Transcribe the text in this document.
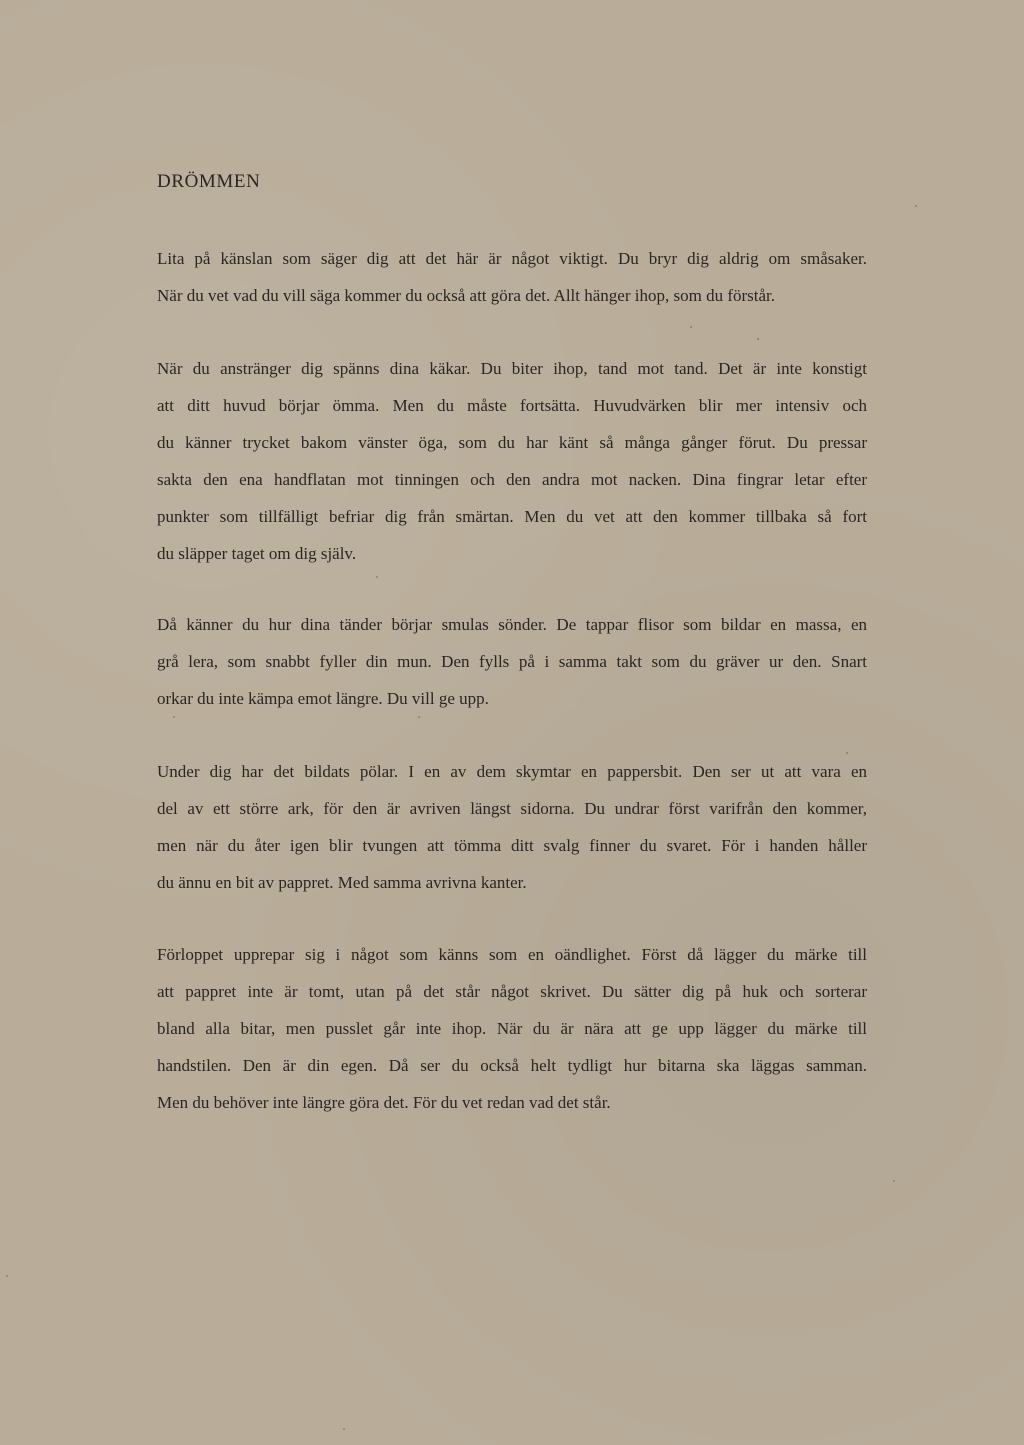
DRÖMMEN
Lita på känslan som säger dig att det här är något viktigt. Du bryr dig aldrig om småsaker.
När du vet vad du vill säga kommer du också att göra det. Allt hänger ihop, som du förstår.
När du anstränger dig spänns dina käkar. Du biter ihop, tand mot tand. Det är inte konstigt
att ditt huvud börjar ömma. Men du måste fortsätta. Huvudvärken blir mer intensiv och
du känner trycket bakom vänster öga, som du har känt så många gånger förut. Du pressar
sakta den ena handflatan mot tinningen och den andra mot nacken. Dina fingrar letar efter
punkter som tillfälligt befriar dig från smärtan. Men du vet att den kommer tillbaka så fort
du släpper taget om dig själv.
Då känner du hur dina tänder börjar smulas sönder. De tappar flisor som bildar en massa, en
grå lera, som snabbt fyller din mun. Den fylls på i samma takt som du gräver ur den. Snart
orkar du inte kämpa emot längre. Du vill ge upp.
Under dig har det bildats pölar. I en av dem skymtar en pappersbit. Den ser ut att vara en
del av ett större ark, för den är avriven längst sidorna. Du undrar först varifrån den kommer,
men när du åter igen blir tvungen att tömma ditt svalg finner du svaret. För i handen håller
du ännu en bit av pappret. Med samma avrivna kanter.
Förloppet upprepar sig i något som känns som en oändlighet. Först då lägger du märke till
att pappret inte är tomt, utan på det står något skrivet. Du sätter dig på huk och sorterar
bland alla bitar, men pusslet går inte ihop. När du är nära att ge upp lägger du märke till
handstilen. Den är din egen. Då ser du också helt tydligt hur bitarna ska läggas samman.
Men du behöver inte längre göra det. För du vet redan vad det står.
